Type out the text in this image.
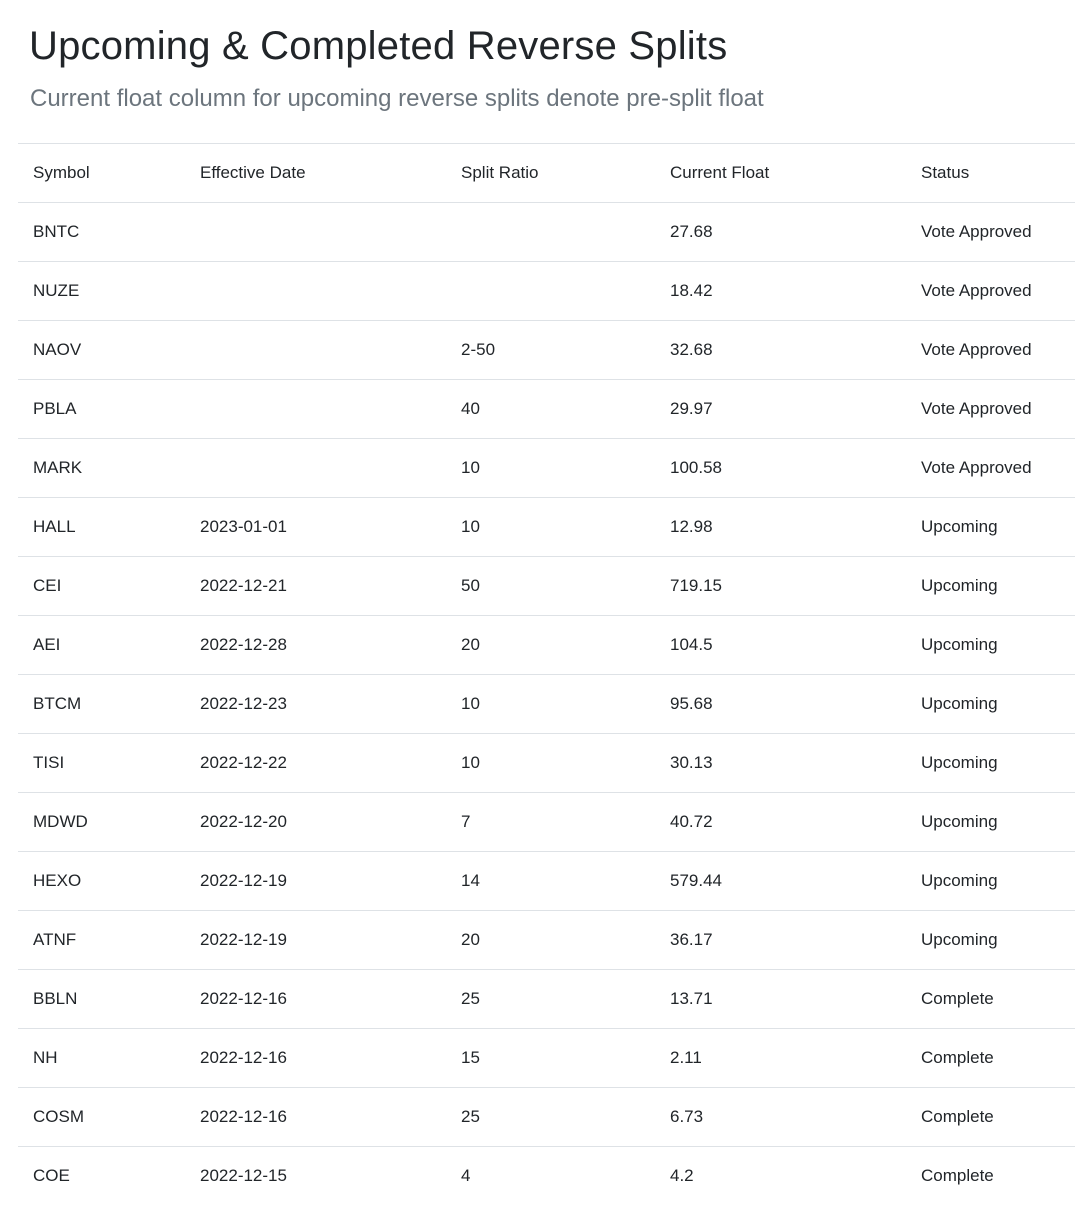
Upcoming & Completed Reverse Splits

Current float column for upcoming reverse splits denote pre-split float

Symbol	Effective Date	Split Ratio	Current Float	Status
BNTC			27.68	Vote Approved
NUZE			18.42	Vote Approved
NAOV		2-50	32.68	Vote Approved
PBLA		40	29.97	Vote Approved
MARK		10	100.58	Vote Approved
HALL	2023-01-01	10	12.98	Upcoming
CEI	2022-12-21	50	719.15	Upcoming
AEI	2022-12-28	20	104.5	Upcoming
BTCM	2022-12-23	10	95.68	Upcoming
TISI	2022-12-22	10	30.13	Upcoming
MDWD	2022-12-20	7	40.72	Upcoming
HEXO	2022-12-19	14	579.44	Upcoming
ATNF	2022-12-19	20	36.17	Upcoming
BBLN	2022-12-16	25	13.71	Complete
NH	2022-12-16	15	2.11	Complete
COSM	2022-12-16	25	6.73	Complete
COE	2022-12-15	4	4.2	Complete
